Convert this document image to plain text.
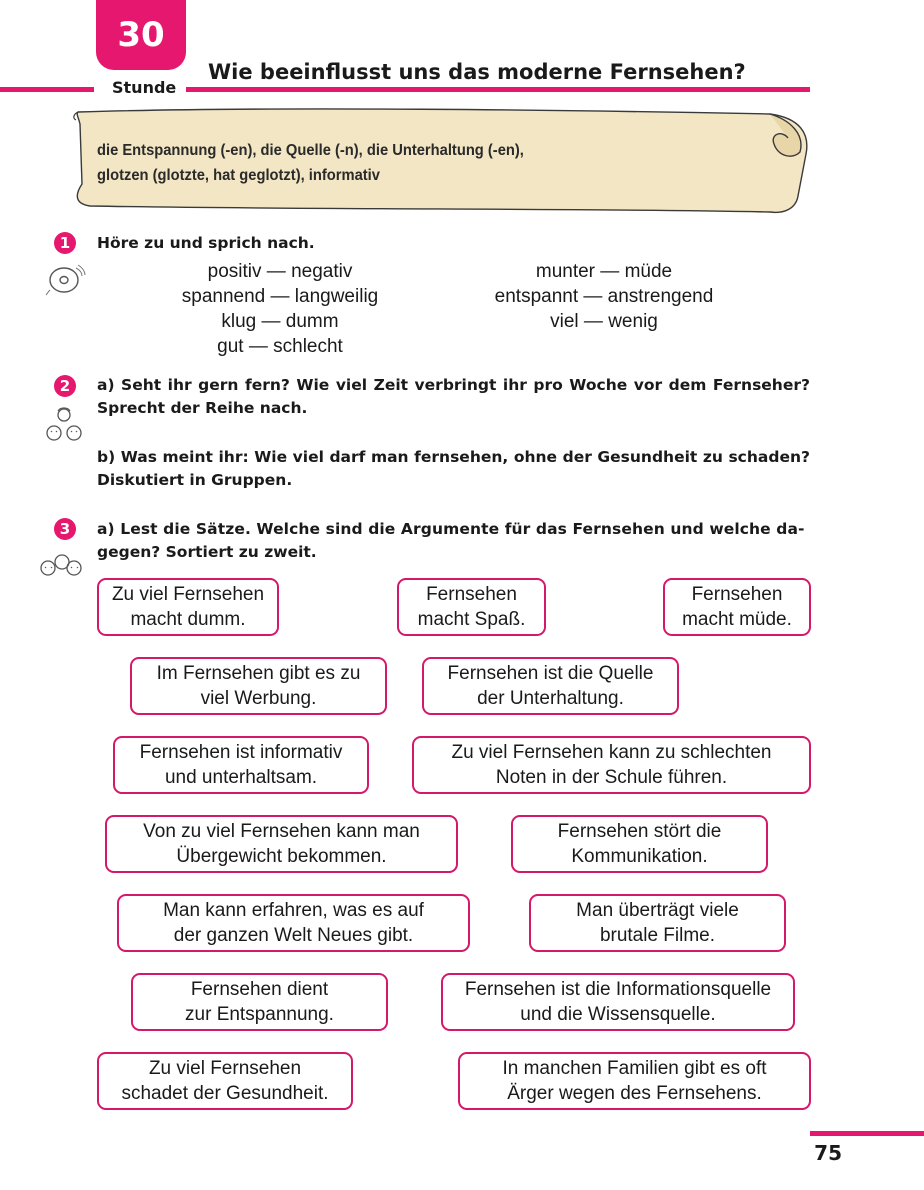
30
Stunde
Wie beeinflusst uns das moderne Fernsehen?
die Entspannung (-en), die Quelle (-n), die Unterhaltung (-en),
glotzen (glotzte, hat geglotzt), informativ
1 Höre zu und sprich nach.
positiv — negativ
spannend — langweilig
klug — dumm
gut — schlecht
munter — müde
entspannt — anstrengend
viel — wenig
2 a) Seht ihr gern fern? Wie viel Zeit verbringt ihr pro Woche vor dem Fernseher? Sprecht der Reihe nach.
b) Was meint ihr: Wie viel darf man fernsehen, ohne der Gesundheit zu schaden? Diskutiert in Gruppen.
3 a) Lest die Sätze. Welche sind die Argumente für das Fernsehen und welche da-
gegen? Sortiert zu zweit.
Zu viel Fernsehen
macht dumm.
Fernsehen
macht Spaß.
Fernsehen
macht müde.
Im Fernsehen gibt es zu
viel Werbung.
Fernsehen ist die Quelle
der Unterhaltung.
Fernsehen ist informativ
und unterhaltsam.
Zu viel Fernsehen kann zu schlechten
Noten in der Schule führen.
Von zu viel Fernsehen kann man
Übergewicht bekommen.
Fernsehen stört die
Kommunikation.
Man kann erfahren, was es auf
der ganzen Welt Neues gibt.
Man überträgt viele
brutale Filme.
Fernsehen dient
zur Entspannung.
Fernsehen ist die Informationsquelle
und die Wissensquelle.
Zu viel Fernsehen
schadet der Gesundheit.
In manchen Familien gibt es oft
Ärger wegen des Fernsehens.
75
